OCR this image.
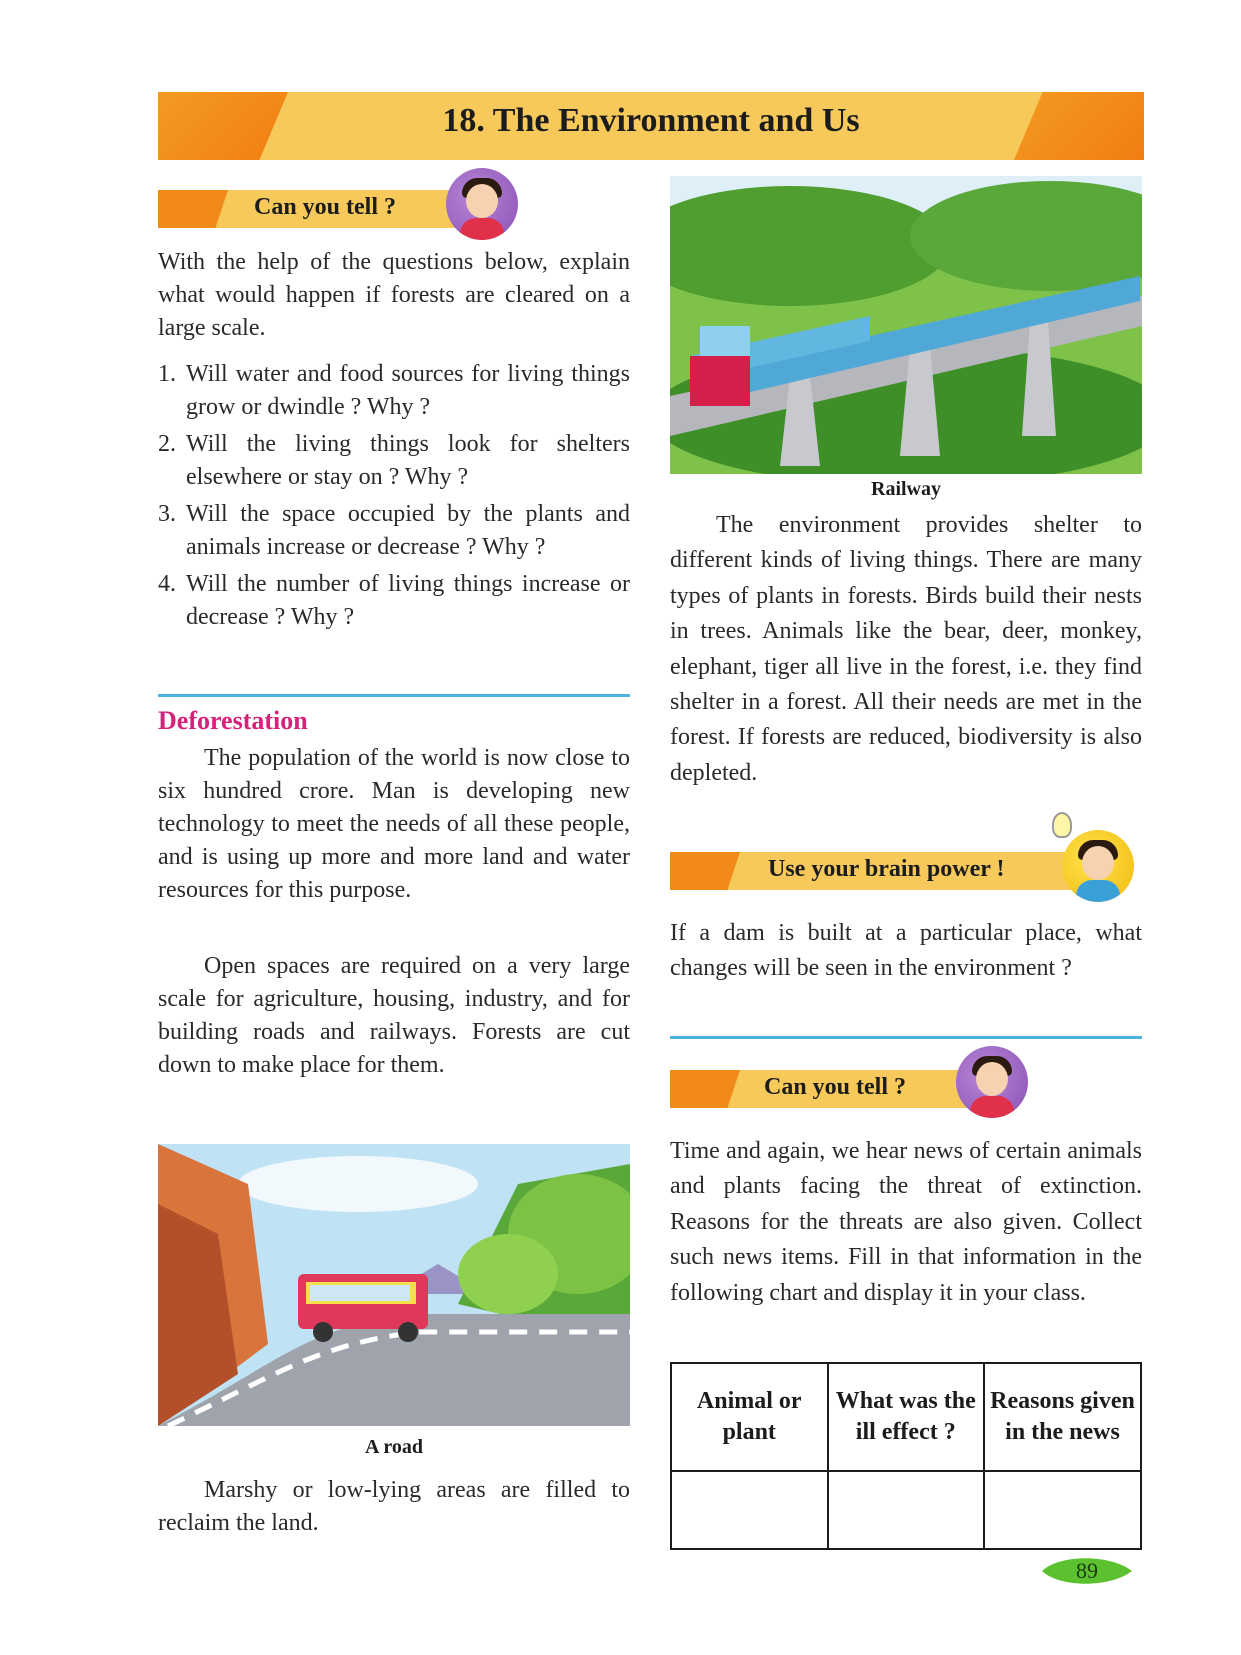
18. The Environment and Us
Can you tell ?
With the help of the questions below, explain what would happen if forests are cleared on a large scale.
1. Will water and food sources for living things grow or dwindle ? Why ?
2. Will the living things look for shelters elsewhere or stay on ? Why ?
3. Will the space occupied by the plants and animals increase or decrease ? Why ?
4. Will the number of living things increase or decrease ? Why ?
Deforestation
The population of the world is now close to six hundred crore. Man is developing new technology to meet the needs of all these people, and is using up more and more land and water resources for this purpose.
Open spaces are required on a very large scale for agriculture, housing, industry, and for building roads and railways. Forests are cut down to make place for them.
A road
Marshy or low-lying areas are filled to reclaim the land.
Railway
The environment provides shelter to different kinds of living things. There are many types of plants in forests. Birds build their nests in trees. Animals like the bear, deer, monkey, elephant, tiger all live in the forest, i.e. they find shelter in a forest. All their needs are met in the forest. If forests are reduced, biodiversity is also depleted.
Use your brain power !
If a dam is built at a particular place, what changes will be seen in the environment ?
Can you tell ?
Time and again, we hear news of certain animals and plants facing the threat of extinction. Reasons for the threats are also given. Collect such news items. Fill in that information in the following chart and display it in your class.
Animal or plant	What was the ill effect ?	Reasons given in the news

89
